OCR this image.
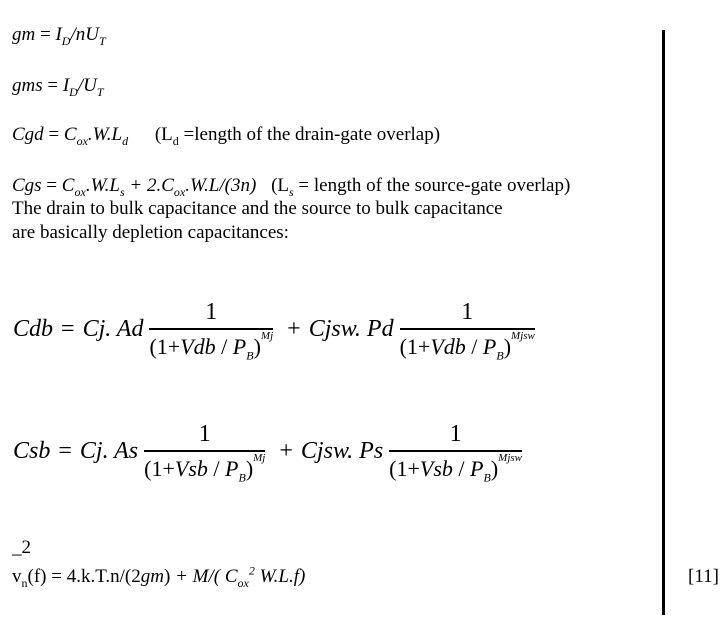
gm = $I_D/nU_T$
gms = $I_D/U_T$
Cgd = $C_{ox}.W.L_d$ ($L_d$ =length of the drain-gate overlap)
Cgs = $C_{ox}.W.L_s + 2.C_{ox}.W.L/(3n) (L_s$ = length of the source-gate overlap)
The drain to bulk capacitance and the source to bulk capacitance
are basically depletion capacitances:
Cdb = Cj. Ad $\frac{1}{(1+Vdb / P_B)^{Mj}}$ + Cjsw. Pd $\frac{1}{(1+Vdb / P_B)^{Mjsw}}$
Csb = Cj. As $\frac{1}{(1+Vsb / P_B)^{Mj}}$ + Cjsw. Ps $\frac{1}{(1+Vsb / P_B)^{Mjsw}}$
_2
$v_n(f) = 4.k.T.n/(2gm) + M/$( $C_{ox}^2$ W.L.f)	[11]
